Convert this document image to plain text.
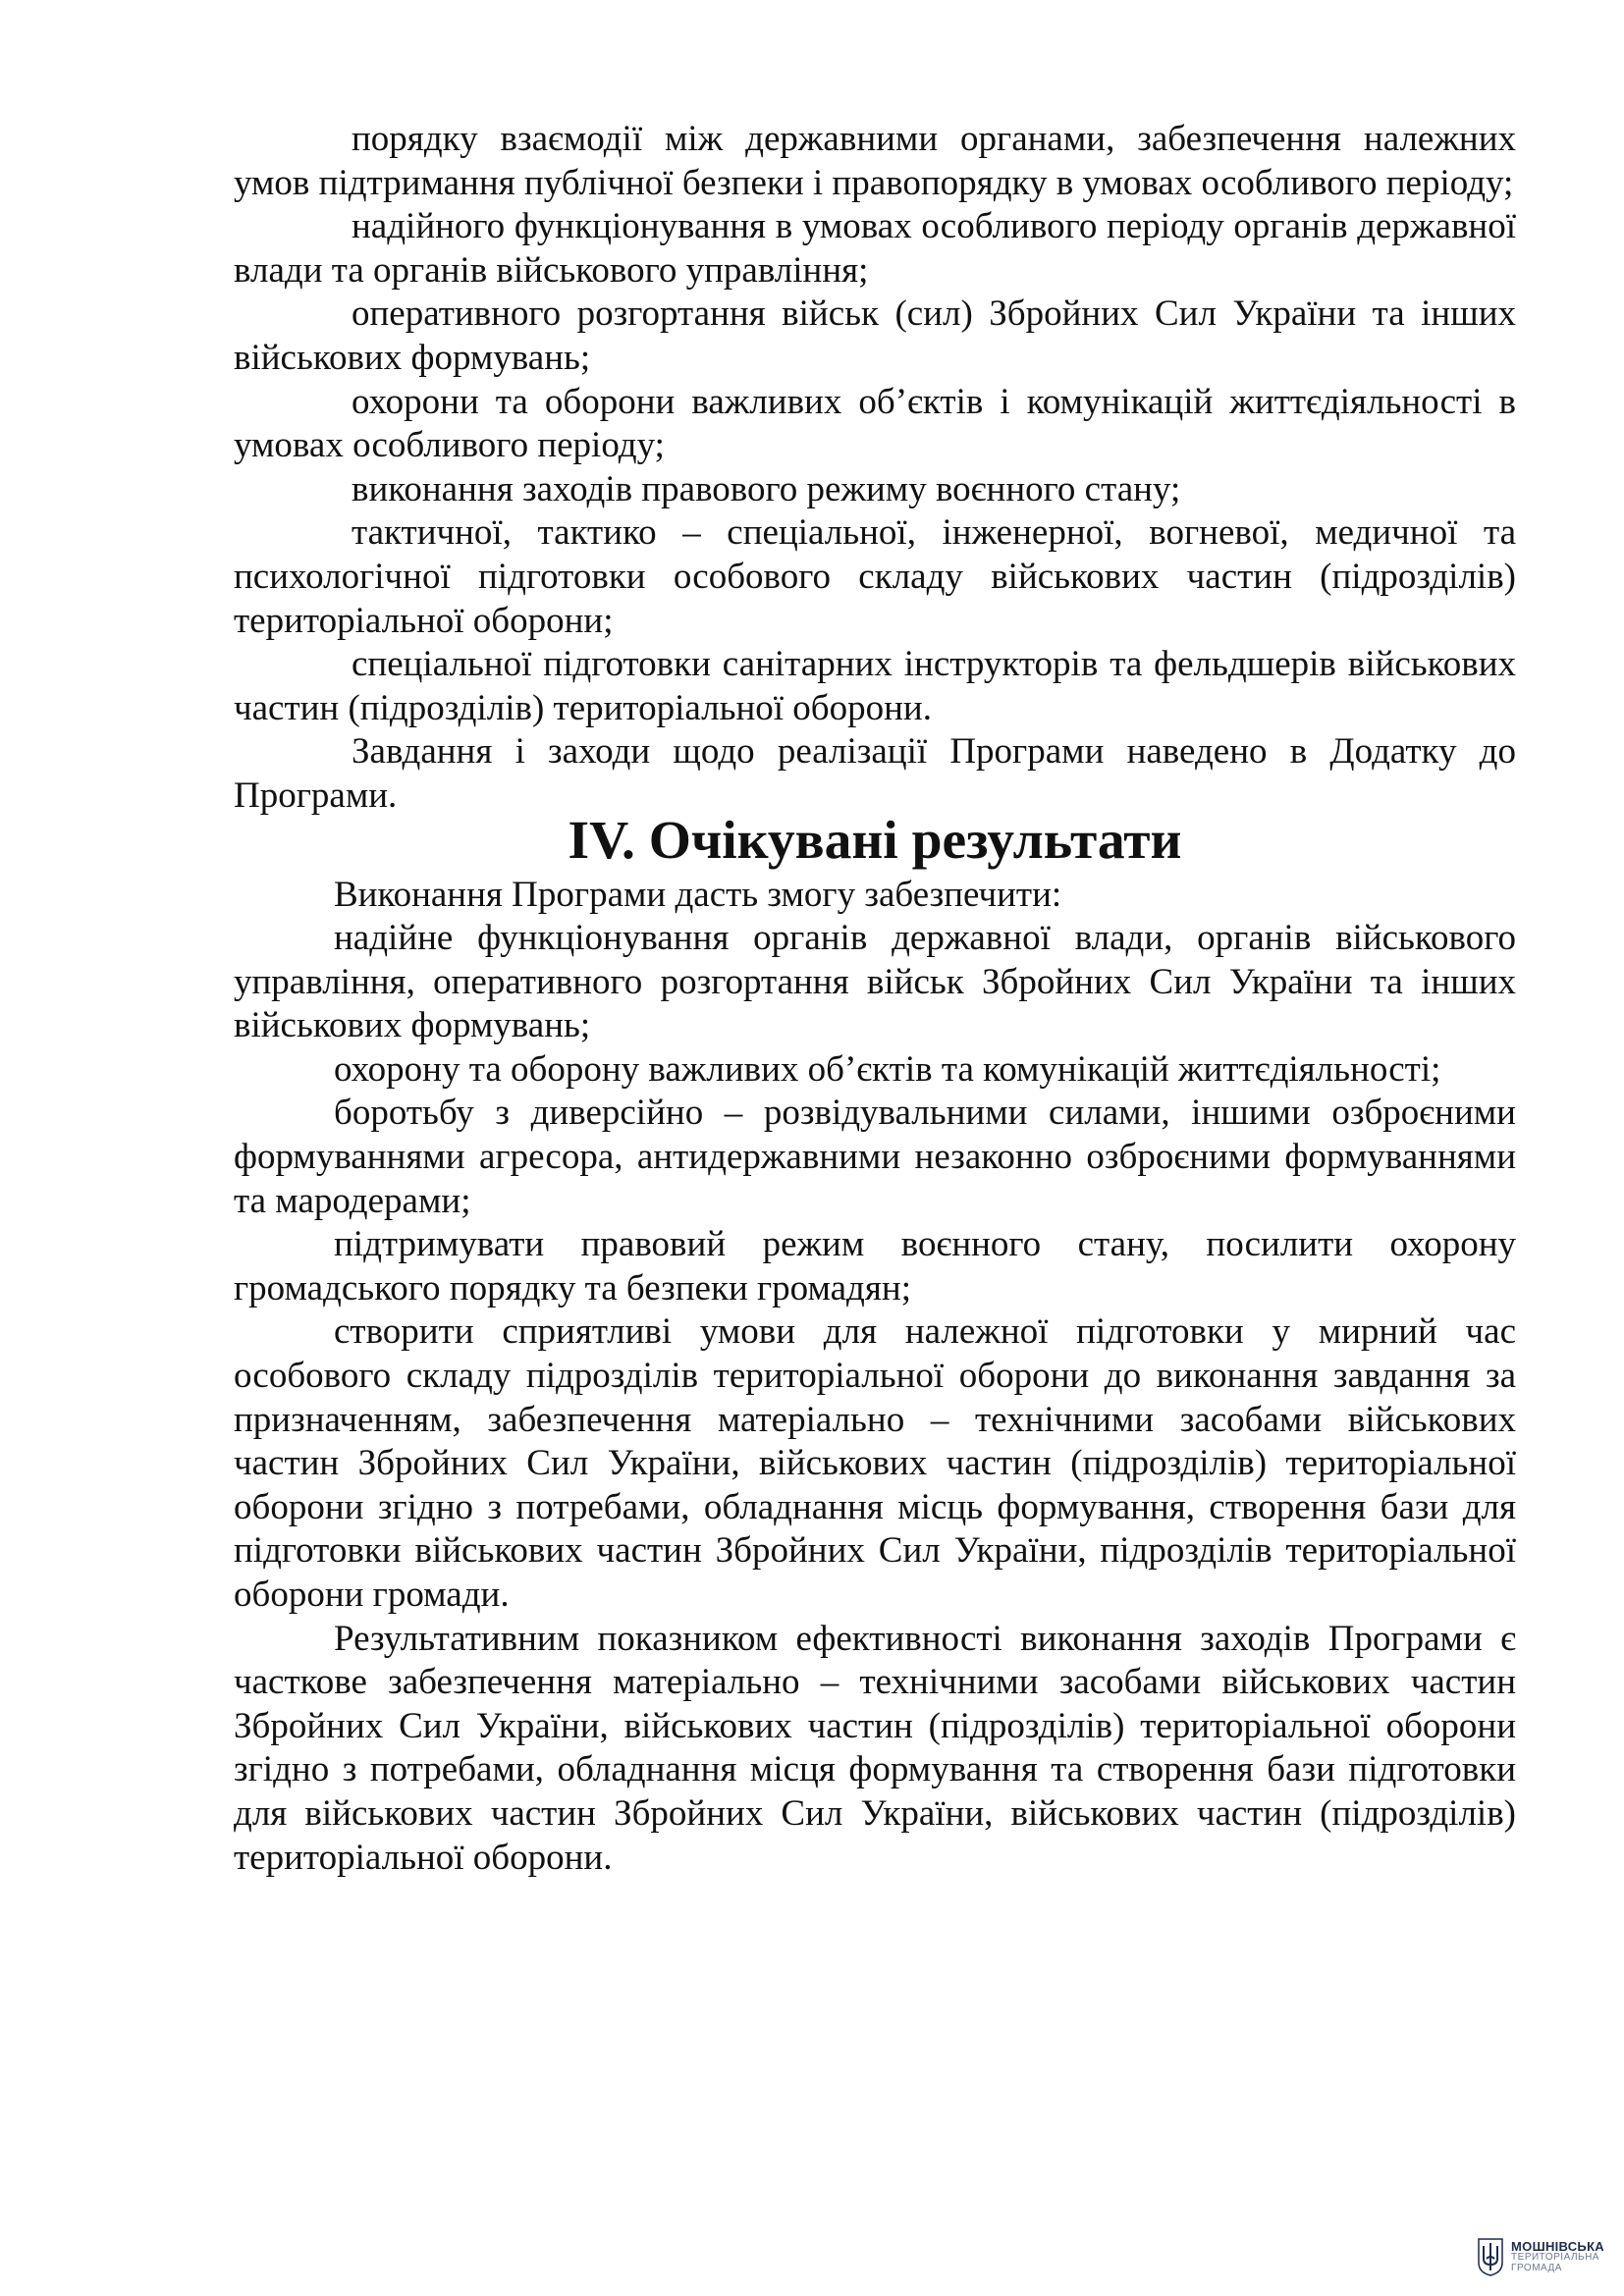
порядку взаємодії між державними органами, забезпечення належних умов підтримання публічної безпеки і правопорядку в умовах особливого періоду;

надійного функціонування в умовах особливого періоду органів державної влади та органів військового управління;

оперативного розгортання військ (сил) Збройних Сил України та інших військових формувань;

охорони та оборони важливих об’єктів і комунікацій життєдіяльності в умовах особливого періоду;

виконання заходів правового режиму воєнного стану;

тактичної, тактико – спеціальної, інженерної, вогневої, медичної та психологічної підготовки особового складу військових частин (підрозділів) територіальної оборони;

спеціальної підготовки санітарних інструкторів та фельдшерів військових частин (підрозділів) територіальної оборони.

Завдання і заходи щодо реалізації Програми наведено в Додатку до Програми.

IV. Очікувані результати

Виконання Програми дасть змогу забезпечити:

надійне функціонування органів державної влади, органів військового управління, оперативного розгортання військ Збройних Сил України та інших військових формувань;

охорону та оборону важливих об’єктів та комунікацій життєдіяльності;

боротьбу з диверсійно – розвідувальними силами, іншими озброєними формуваннями агресора, антидержавними незаконно озброєними формуваннями та мародерами;

підтримувати правовий режим воєнного стану, посилити охорону громадського порядку та безпеки громадян;

створити сприятливі умови для належної підготовки у мирний час особового складу підрозділів територіальної оборони до виконання завдання за призначенням, забезпечення матеріально – технічними засобами військових частин Збройних Сил України, військових частин (підрозділів) територіальної оборони згідно з потребами, обладнання місць формування, створення бази для підготовки військових частин Збройних Сил України, підрозділів територіальної оборони громади.

Результативним показником ефективності виконання заходів Програми є часткове забезпечення матеріально – технічними засобами військових частин Збройних Сил України, військових частин (підрозділів) територіальної оборони згідно з потребами, обладнання місця формування та створення бази підготовки для військових частин Збройних Сил України, військових частин (підрозділів) територіальної оборони.

МОШНІВСЬКА
ТЕРИТОРІАЛЬНА
ГРОМАДА
